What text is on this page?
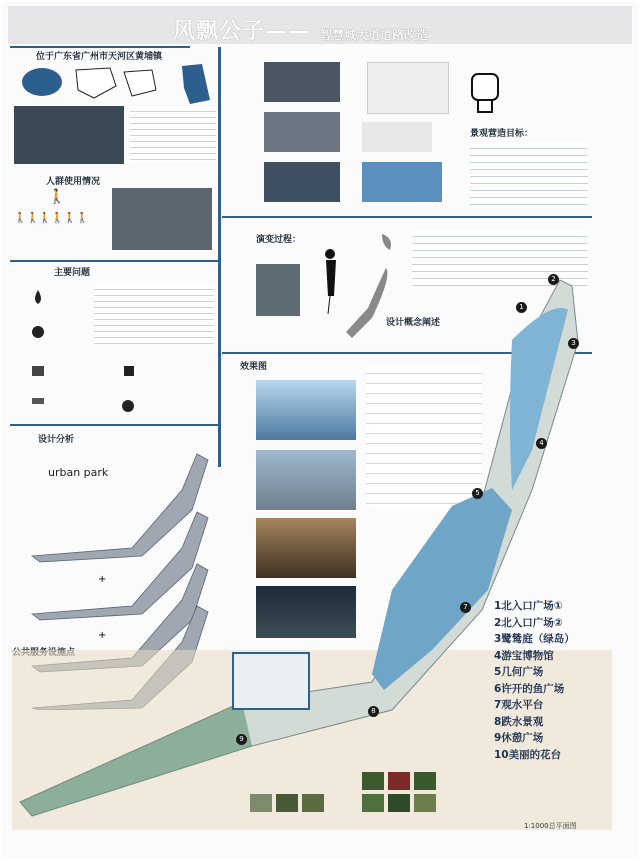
风飘公子—— 智慧城大道道路改造
位于广东省广州市天河区黄埔镇
人群使用情况
🚶
🚶🚶🚶🚶🚶🚶
主要问题
设计分析
urban park
+
+
景观营造目标：
演变过程：
设计概念阐述
效果图
1
2
3
4
5
7
8
9
1北入口广场①
2北入口广场②
3鹭鸶庭（绿岛）
4游宝博物馆
5几何广场
6许开的鱼广场
7观水平台
8跌水景观
9休憩广场
10美丽的花台
1:1000总平面图
